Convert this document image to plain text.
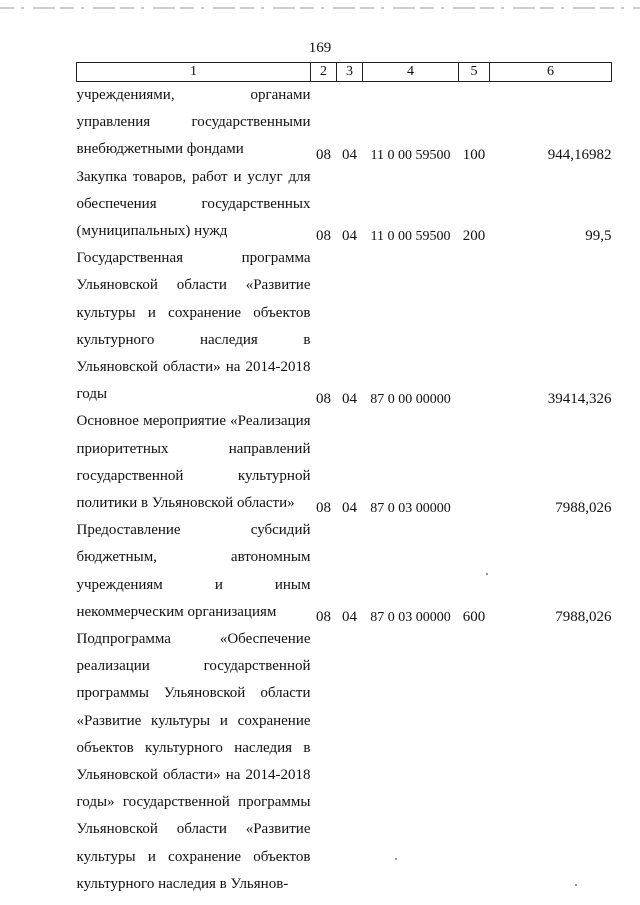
169
1	2	3	4	5	6
учреждениями, органами управления государственными внебюджетными фондами	08	04	11 0 00 59500	100	944,16982
Закупка товаров, работ и услуг для обеспечения государственных (муниципальных) нужд	08	04	11 0 00 59500	200	99,5
Государственная программа Ульяновской области «Развитие культуры и сохранение объектов культурного наследия в Ульяновской области» на 2014-2018 годы	08	04	87 0 00 00000		39414,326
Основное мероприятие «Реализация приоритетных направлений государственной культурной политики в Ульяновской области»	08	04	87 0 03 00000		7988,026
Предоставление субсидий бюджетным, автономным учреждениям и иным некоммерческим организациям	08	04	87 0 03 00000	600	7988,026
Подпрограмма «Обеспечение реализации государственной программы Ульяновской области «Развитие культуры и сохранение объектов культурного наследия в Ульяновской области» на 2014-2018 годы» государственной программы Ульяновской области «Развитие культуры и сохранение объектов культурного наследия в Ульянов-					
